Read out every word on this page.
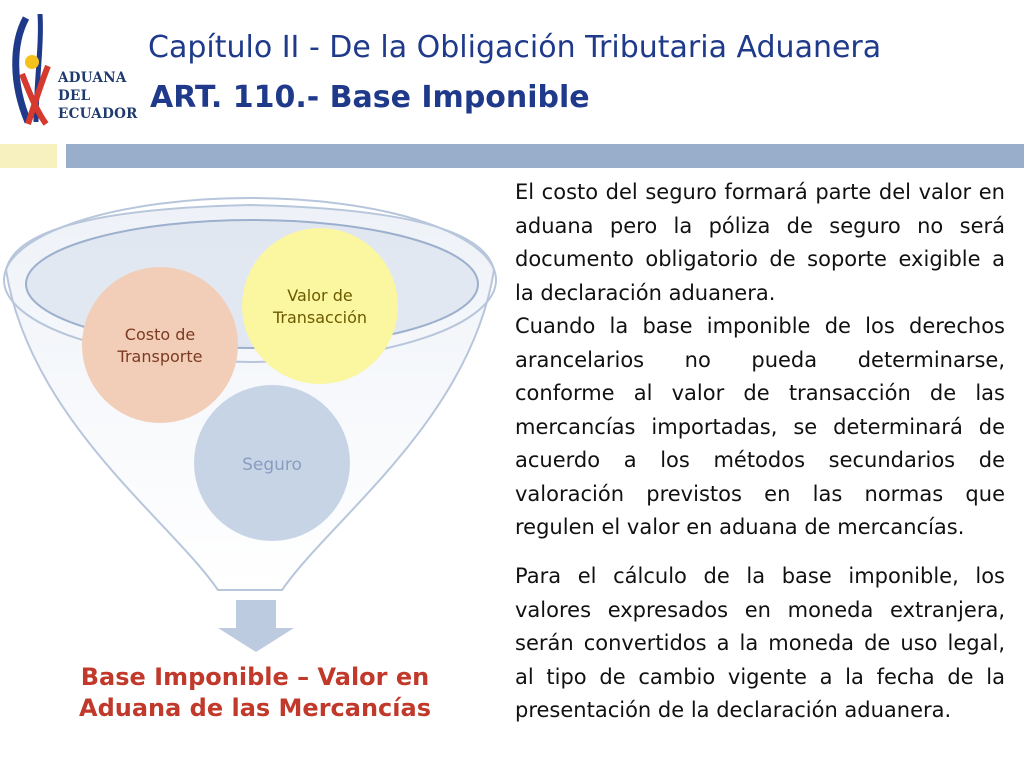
ADUANA
DEL
ECUADOR
Capítulo II - De la Obligación Tributaria Aduanera
ART. 110.- Base Imponible
Valor de
Transacción
Costo de
Transporte
Seguro
Base Imponible – Valor en
Aduana de las Mercancías

El costo del seguro formará parte del valor en aduana pero la póliza de seguro no será documento obligatorio de soporte exigible a la declaración aduanera.

Cuando la base imponible de los derechos arancelarios no pueda determinarse, conforme al valor de transacción de las mercancías importadas, se determinará de acuerdo a los métodos secundarios de valoración previstos en las normas que regulen el valor en aduana de mercancías.

Para el cálculo de la base imponible, los valores expresados en moneda extranjera, serán convertidos a la moneda de uso legal, al tipo de cambio vigente a la fecha de la presentación de la declaración aduanera.
